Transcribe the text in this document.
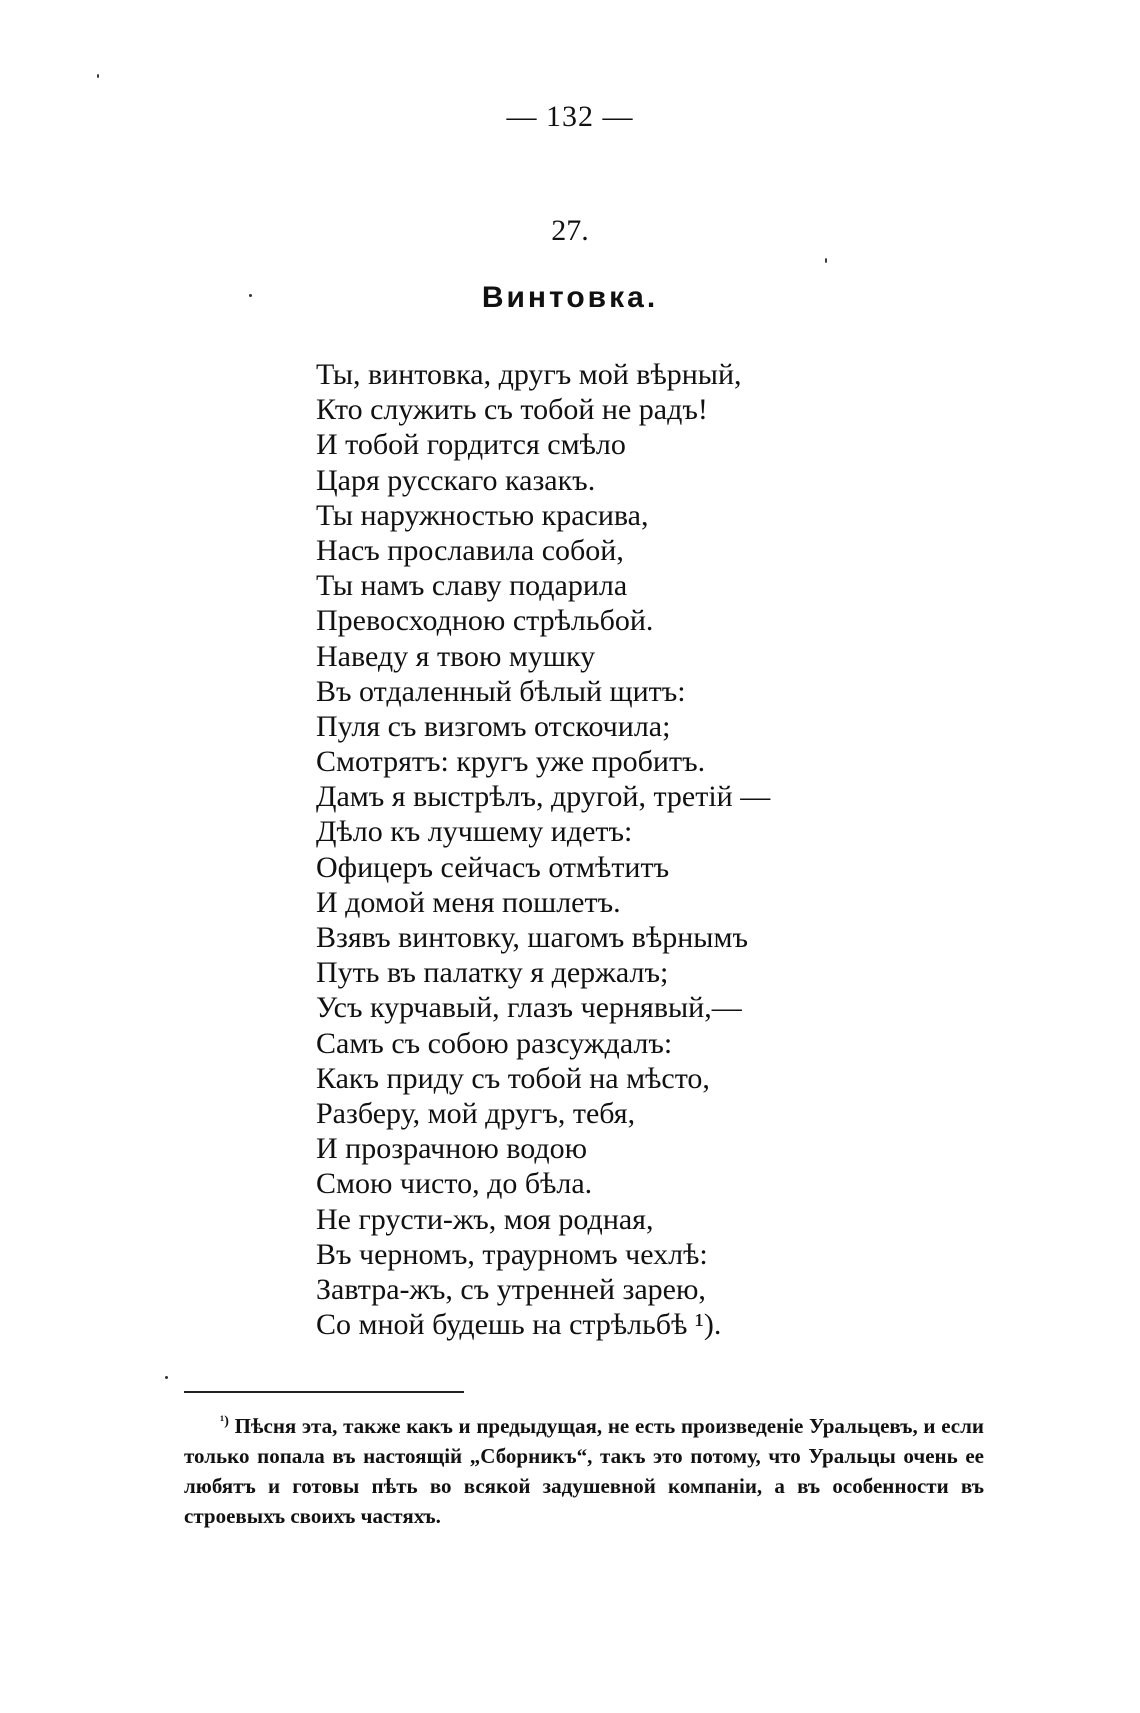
— 132 —
27.
Винтовка.
Ты, винтовка, другъ мой вѣрный,
Кто служить съ тобой не радъ!
И тобой гордится смѣло
Царя русскаго казакъ.
Ты наружностью красива,
Насъ прославила собой,
Ты намъ славу подарила
Превосходною стрѣльбой.
Наведу я твою мушку
Въ отдаленный бѣлый щитъ:
Пуля съ визгомъ отскочила;
Смотрятъ: кругъ уже пробитъ.
Дамъ я выстрѣлъ, другой, третій —
Дѣло къ лучшему идетъ:
Офицеръ сейчасъ отмѣтитъ
И домой меня пошлетъ.
Взявъ винтовку, шагомъ вѣрнымъ
Путь въ палатку я держалъ;
Усъ курчавый, глазъ чернявый,—
Самъ съ собою разсуждалъ:
Какъ приду съ тобой на мѣсто,
Разберу, мой другъ, тебя,
И прозрачною водою
Смою чисто, до бѣла.
Не грусти-жъ, моя родная,
Въ черномъ, траурномъ чехлѣ:
Завтра-жъ, съ утренней зарею,
Со мной будешь на стрѣльбѣ ¹).
$^{^1)}$ Пѣсня эта, также какъ и предыдущая, не есть произведеніе Уральцевъ, и если только попала въ настоящій „Сборникъ“, такъ это потому, что Уральцы очень ее любятъ и готовы пѣть во всякой задушевной компаніи, а въ особенности въ строевыхъ своихъ частяхъ.
